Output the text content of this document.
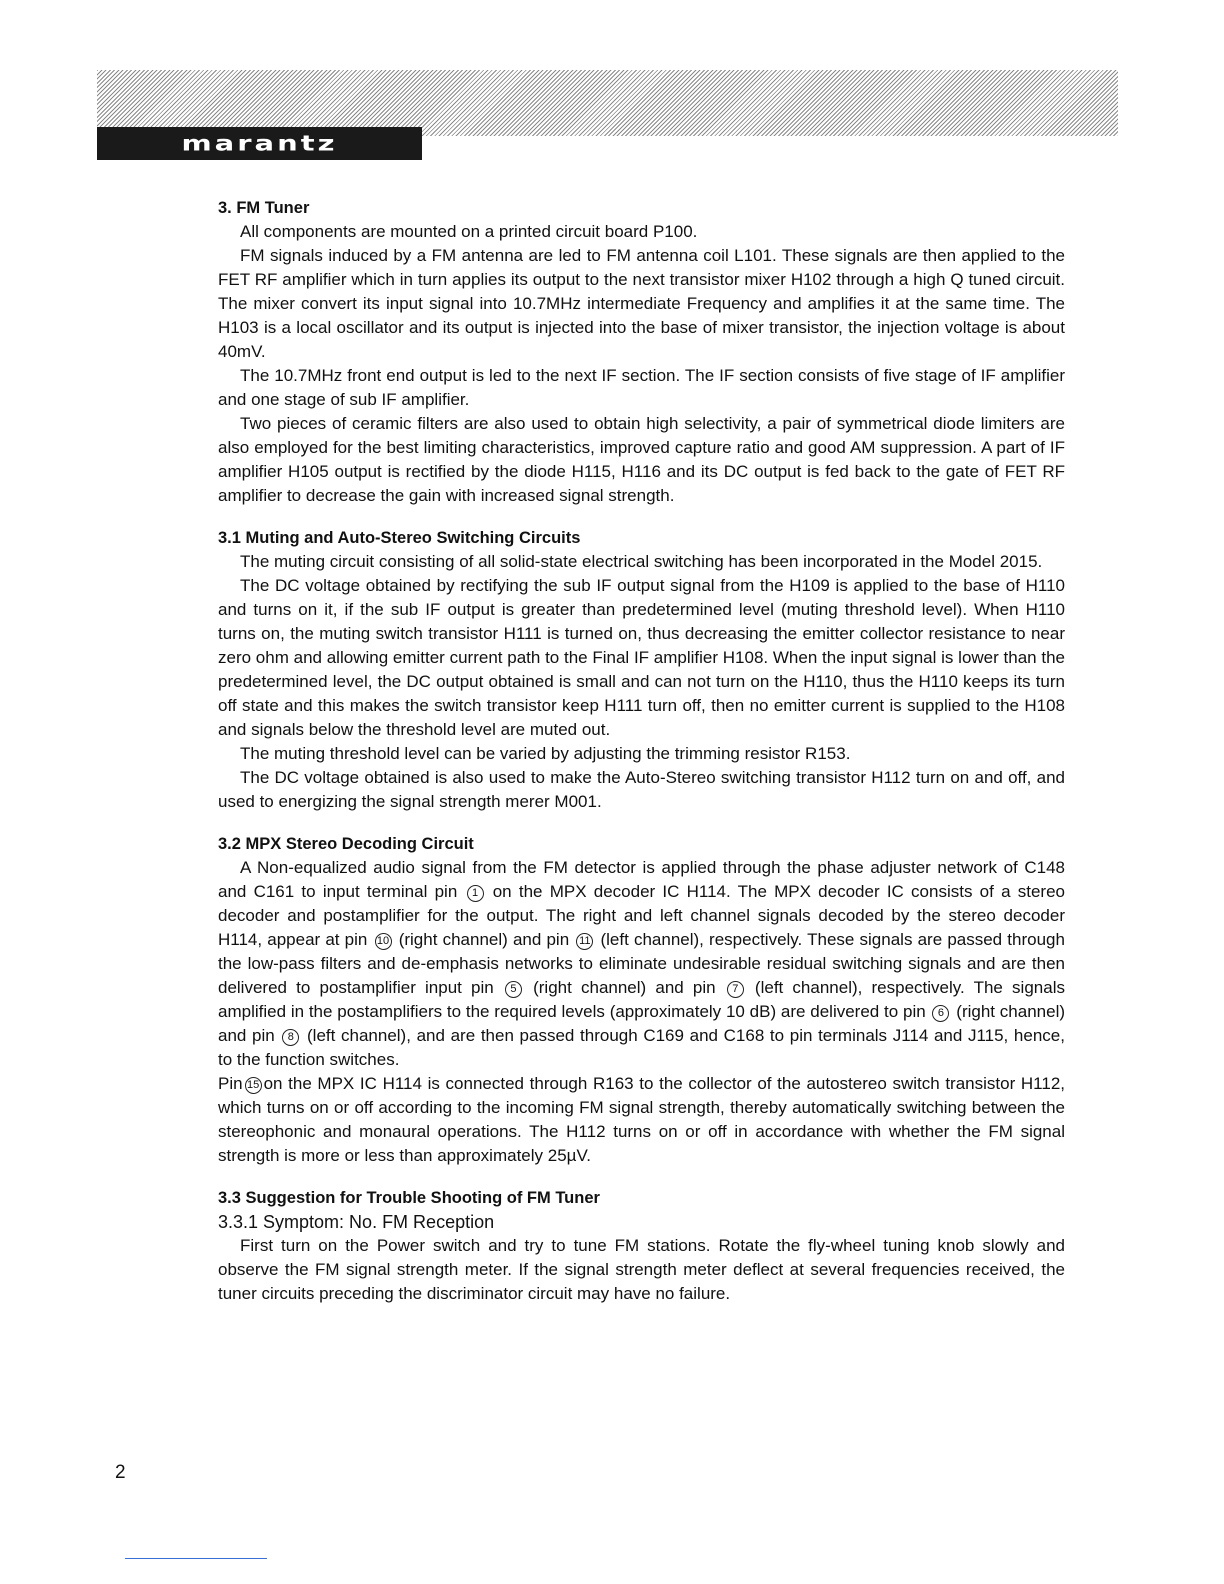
marantz
3. FM Tuner

All components are mounted on a printed circuit board P100.

FM signals induced by a FM antenna are led to FM antenna coil L101. These signals are then applied to the FET RF amplifier which in turn applies its output to the next transistor mixer H102 through a high Q tuned circuit. The mixer convert its input signal into 10.7MHz intermediate Frequency and amplifies it at the same time. The H103 is a local oscillator and its output is injected into the base of mixer transistor, the injection voltage is about 40mV.

The 10.7MHz front end output is led to the next IF section. The IF section consists of five stage of IF amplifier and one stage of sub IF amplifier.

Two pieces of ceramic filters are also used to obtain high selectivity, a pair of symmetrical diode limiters are also employed for the best limiting characteristics, improved capture ratio and good AM suppression. A part of IF amplifier H105 output is rectified by the diode H115, H116 and its DC output is fed back to the gate of FET RF amplifier to decrease the gain with increased signal strength.

3.1 Muting and Auto-Stereo Switching Circuits

The muting circuit consisting of all solid-state electrical switching has been incorporated in the Model 2015.

The DC voltage obtained by rectifying the sub IF output signal from the H109 is applied to the base of H110 and turns on it, if the sub IF output is greater than predetermined level (muting threshold level). When H110 turns on, the muting switch transistor H111 is turned on, thus decreasing the emitter collector resistance to near zero ohm and allowing emitter current path to the Final IF amplifier H108. When the input signal is lower than the predetermined level, the DC output obtained is small and can not turn on the H110, thus the H110 keeps its turn off state and this makes the switch transistor keep H111 turn off, then no emitter current is supplied to the H108 and signals below the threshold level are muted out.

The muting threshold level can be varied by adjusting the trimming resistor R153.

The DC voltage obtained is also used to make the Auto-Stereo switching transistor H112 turn on and off, and used to energizing the signal strength merer M001.

3.2 MPX Stereo Decoding Circuit

A Non-equalized audio signal from the FM detector is applied through the phase adjuster network of C148 and C161 to input terminal pin 1 on the MPX decoder IC H114. The MPX decoder IC consists of a stereo decoder and postamplifier for the output. The right and left channel signals decoded by the stereo decoder H114, appear at pin 10 (right channel) and pin 11 (left channel), respectively. These signals are passed through the low-pass filters and de-emphasis networks to eliminate undesirable residual switching signals and are then delivered to postamplifier input pin 5 (right channel) and pin 7 (left channel), respectively. The signals amplified in the postamplifiers to the required levels (approximately 10 dB) are delivered to pin 6 (right channel) and pin 8 (left channel), and are then passed through C169 and C168 to pin terminals J114 and J115, hence, to the function switches.

Pin 15 on the MPX IC H114 is connected through R163 to the collector of the autostereo switch transistor H112, which turns on or off according to the incoming FM signal strength, thereby automatically switching between the stereophonic and monaural operations. The H112 turns on or off in accordance with whether the FM signal strength is more or less than approximately 25µV.

3.3 Suggestion for Trouble Shooting of FM Tuner
3.3.1 Symptom: No. FM Reception

First turn on the Power switch and try to tune FM stations. Rotate the fly-wheel tuning knob slowly and observe the FM signal strength meter. If the signal strength meter deflect at several frequencies received, the tuner circuits preceding the discriminator circuit may have no failure.

2
